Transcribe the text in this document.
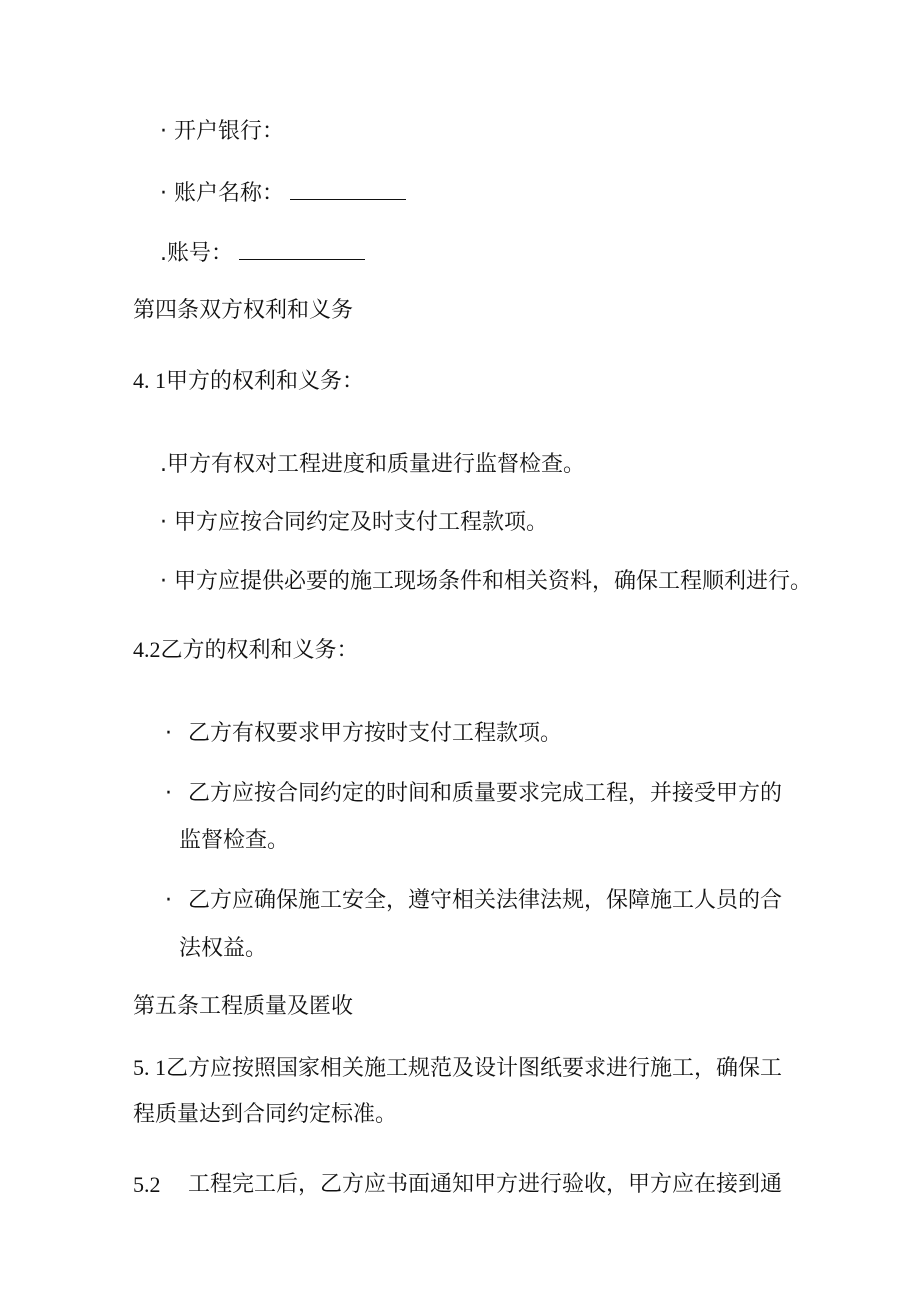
· 开户银行：
· 账户名称：
.账号：
第四条双方权利和义务
4. 1甲方的权利和义务：
.甲方有权对工程进度和质量进行监督检查。
· 甲方应按合同约定及时支付工程款项。
· 甲方应提供必要的施工现场条件和相关资料，确保工程顺利进行。
4.2乙方的权利和义务：
· 乙方有权要求甲方按时支付工程款项。
· 乙方应按合同约定的时间和质量要求完成工程，并接受甲方的
监督检查。
· 乙方应确保施工安全，遵守相关法律法规，保障施工人员的合
法权益。
第五条工程质量及匿收
5. 1乙方应按照国家相关施工规范及设计图纸要求进行施工，确保工
程质量达到合同约定标准。
5.2 工程完工后，乙方应书面通知甲方进行验收，甲方应在接到通
